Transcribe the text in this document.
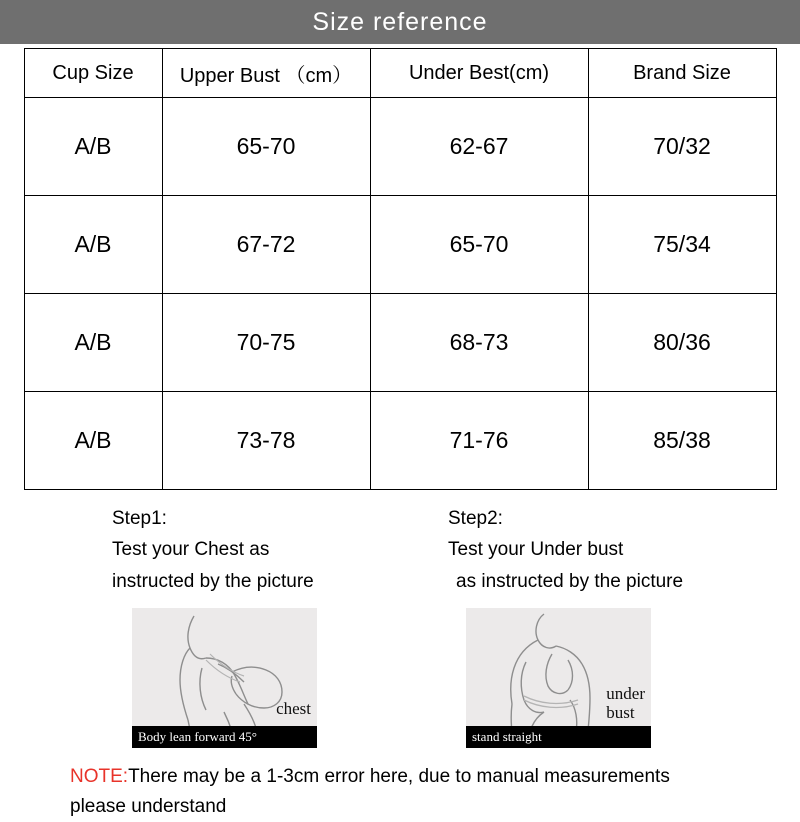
Size reference
Cup Size	Upper Bust （cm）	Under Best(cm)	Brand Size
A/B	65-70	62-67	70/32
A/B	67-72	65-70	75/34
A/B	70-75	68-73	80/36
A/B	73-78	71-76	85/38
Step1:
Test your Chest as
instructed by the picture
Step2:
Test your Under bust
as instructed by the picture
chest
Body lean forward 45°
under
bust
stand straight
NOTE:There may be a 1-3cm error here, due to manual measurements
please understand
